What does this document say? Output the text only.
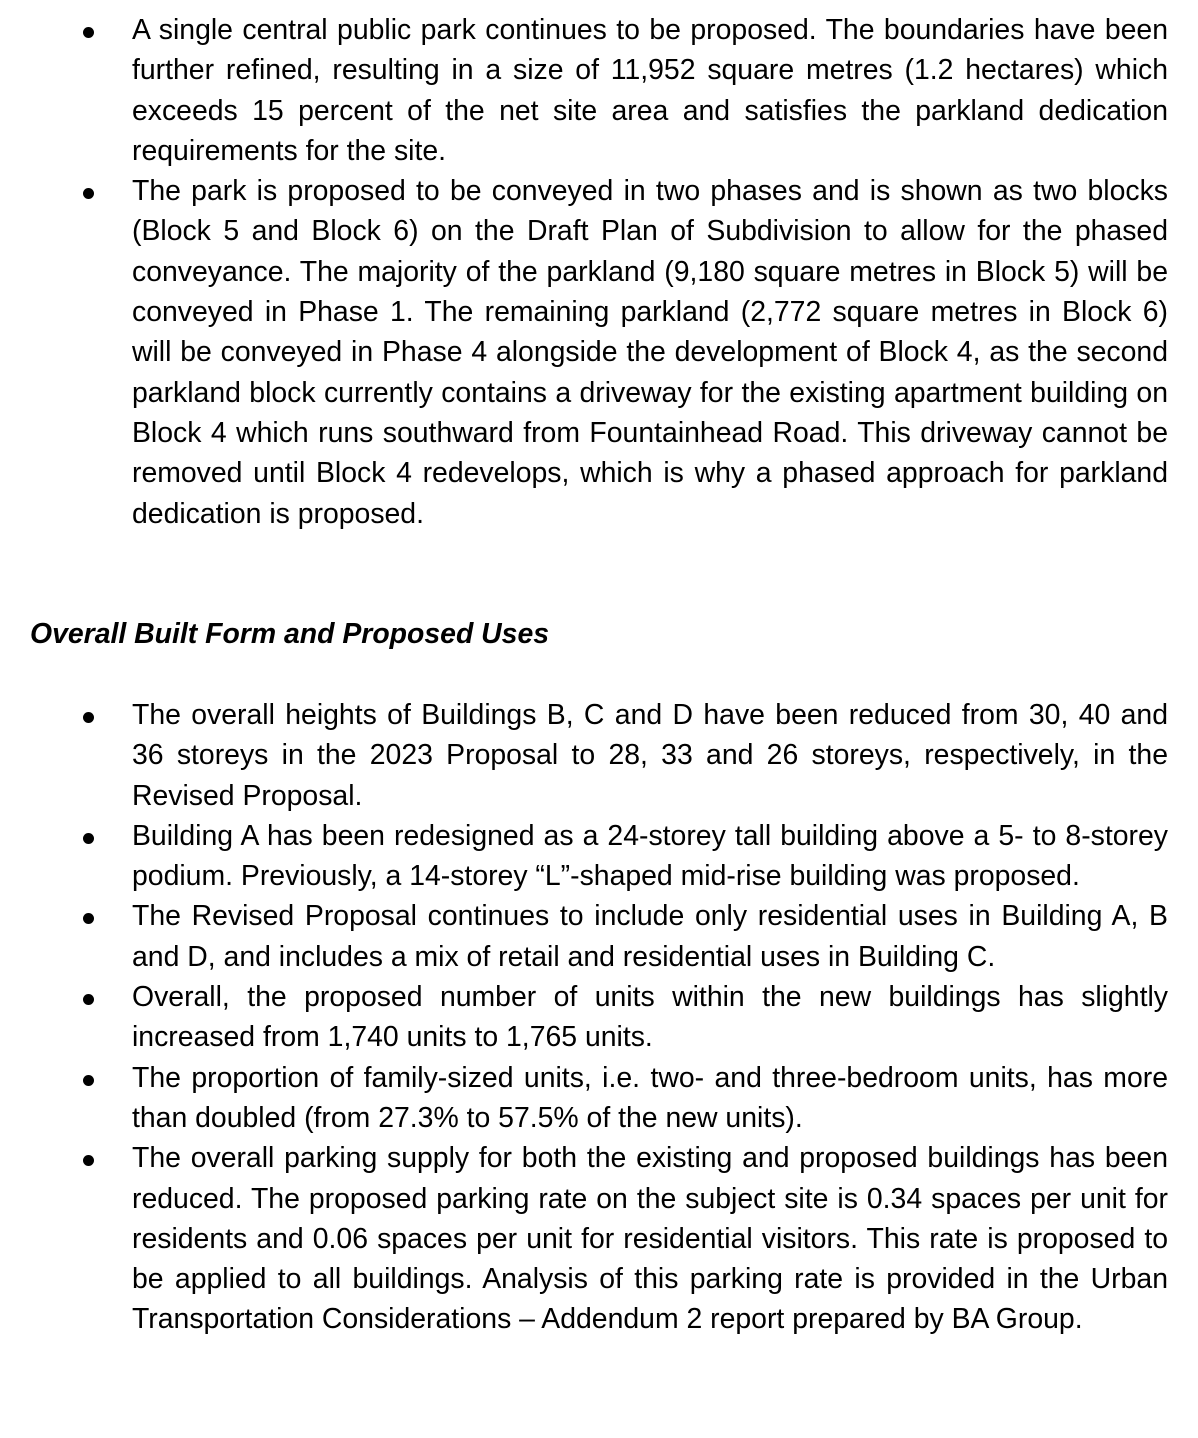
A single central public park continues to be proposed. The boundaries have been further refined, resulting in a size of 11,952 square metres (1.2 hectares) which exceeds 15 percent of the net site area and satisfies the parkland dedication requirements for the site.
The park is proposed to be conveyed in two phases and is shown as two blocks (Block 5 and Block 6) on the Draft Plan of Subdivision to allow for the phased conveyance. The majority of the parkland (9,180 square metres in Block 5) will be conveyed in Phase 1. The remaining parkland (2,772 square metres in Block 6) will be conveyed in Phase 4 alongside the development of Block 4, as the second parkland block currently contains a driveway for the existing apartment building on Block 4 which runs southward from Fountainhead Road. This driveway cannot be removed until Block 4 redevelops, which is why a phased approach for parkland dedication is proposed.
Overall Built Form and Proposed Uses
The overall heights of Buildings B, C and D have been reduced from 30, 40 and 36 storeys in the 2023 Proposal to 28, 33 and 26 storeys, respectively, in the Revised Proposal.
Building A has been redesigned as a 24-storey tall building above a 5- to 8-storey podium. Previously, a 14-storey “L”-shaped mid-rise building was proposed.
The Revised Proposal continues to include only residential uses in Building A, B and D, and includes a mix of retail and residential uses in Building C.
Overall, the proposed number of units within the new buildings has slightly increased from 1,740 units to 1,765 units.
The proportion of family-sized units, i.e. two- and three-bedroom units, has more than doubled (from 27.3% to 57.5% of the new units).
The overall parking supply for both the existing and proposed buildings has been reduced. The proposed parking rate on the subject site is 0.34 spaces per unit for residents and 0.06 spaces per unit for residential visitors. This rate is proposed to be applied to all buildings. Analysis of this parking rate is provided in the Urban Transportation Considerations – Addendum 2 report prepared by BA Group.
